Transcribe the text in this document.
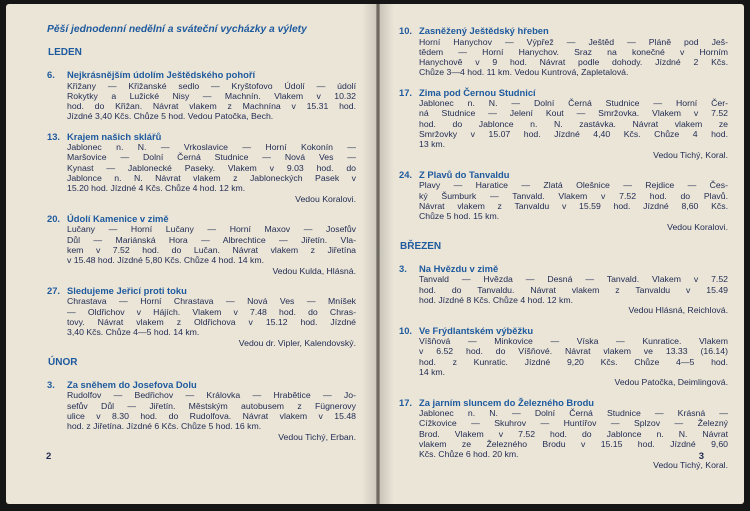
Pěší jednodenní nedělní a sváteční vycházky a výlety
LEDEN
6.	Nejkrásnějším údolím Ještědského pohoří

Křižany — Křižanské sedlo — Kryštofovo Údolí — údolí

Rokytky a Lužické Nisy — Machnín. Vlakem v 10.32

hod. do Křižan. Návrat vlakem z Machnína v 15.31 hod.

Jízdné 3,40 Kčs. Chůze 5 hod. Vedou Patočka, Bech.

13. Krajem našich sklářů

Jablonec n. N. — Vrkoslavice — Horní Kokonín —

Maršovice — Dolní Černá Studnice — Nová Ves —

Kynast — Jablonecké Paseky. Vlakem v 9.03 hod. do

Jablonce n. N. Návrat vlakem z Jabloneckých Pasek v

15.20 hod. Jízdné 4 Kčs. Chůze 4 hod. 12 km.

Vedou Koralovi.
20. Údolí Kamenice v zimě

Lučany — Horní Lučany — Horní Maxov — Josefův

Důl — Mariánská Hora — Albrechtice — Jiřetín. Vla-

kem v 7.52 hod. do Lučan. Návrat vlakem z Jiřetína

v 15.48 hod. Jízdné 5,80 Kčs. Chůze 4 hod. 14 km.

Vedou Kulda, Hlásná.
27. Sledujeme Jeřicí proti toku

Chrastava — Horní Chrastava — Nová Ves — Mníšek

— Oldřichov v Hájích. Vlakem v 7.48 hod. do Chras-

tovy. Návrat vlakem z Oldřichova v 15.12 hod. Jízdné

3,40 Kčs. Chůze 4—5 hod. 14 km.

Vedou dr. Vipler, Kalendovský.
ÚNOR
3.	Za sněhem do Josefova Dolu

Rudolfov — Bedřichov — Královka — Hrabětice — Jo-

sefův Důl — Jiřetín. Městským autobusem z Fügnerovy

ulice v 8.30 hod. do Rudolfova. Návrat vlakem v 15.48

hod. z Jiřetína. Jízdné 6 Kčs. Chůze 5 hod. 16 km.

Vedou Tichý, Erban.
2
10. Zasněžený Ještědský hřeben

Horní Hanychov — Výpřež — Ještěd — Pláně pod Ješ-

tědem — Horní Hanychov. Sraz na konečné v Horním

Hanychově v 9 hod. Návrat podle dohody. Jízdné 2 Kčs.

Chůze 3—4 hod. 11 km. Vedou Kuntrová, Zapletalová.

17. Zima pod Černou Studnicí

Jablonec n. N. — Dolní Černá Studnice — Horní Čer-

ná Studnice — Jelení Kout — Smržovka. Vlakem v 7.52

hod. do Jablonce n. N. zastávka. Návrat vlakem ze

Smržovky v 15.07 hod. Jízdné 4,40 Kčs. Chůze 4 hod.

13 km.

Vedou Tichý, Koral.
24. Z Plavů do Tanvaldu

Plavy — Haratice — Zlatá Olešnice — Rejdice — Čes-

ký Šumburk — Tanvald. Vlakem v 7.52 hod. do Plavů.

Návrat vlakem z Tanvaldu v 15.59 hod. Jízdné 8,60 Kčs.

Chůze 5 hod. 15 km.

Vedou Koralovi.
BŘEZEN
3.	Na Hvězdu v zimě

Tanvald — Hvězda — Desná — Tanvald. Vlakem v 7.52

hod. do Tanvaldu. Návrat vlakem z Tanvaldu v 15.49

hod. Jízdné 8 Kčs. Chůze 4 hod. 12 km.

Vedou Hlásná, Reichlová.
10. Ve Frýdlantském výběžku

Víšňová — Minkovice — Víska — Kunratice. Vlakem

v 6.52 hod. do Víšňové. Návrat vlakem ve 13.33 (16.14)

hod. z Kunratic. Jízdné 9,20 Kčs. Chůze 4—5 hod.

14 km.

Vedou Patočka, Deimlingová.
17. Za jarním sluncem do Železného Brodu

Jablonec n. N. — Dolní Černá Studnice — Krásná —

Cížkovice — Skuhrov — Huntířov — Splzov — Železný

Brod. Vlakem v 7.52 hod. do Jablonce n. N. Návrat

vlakem ze Železného Brodu v 15.15 hod. Jízdné 9,60

Kčs. Chůze 6 hod. 20 km.

Vedou Tichý, Koral.
3
